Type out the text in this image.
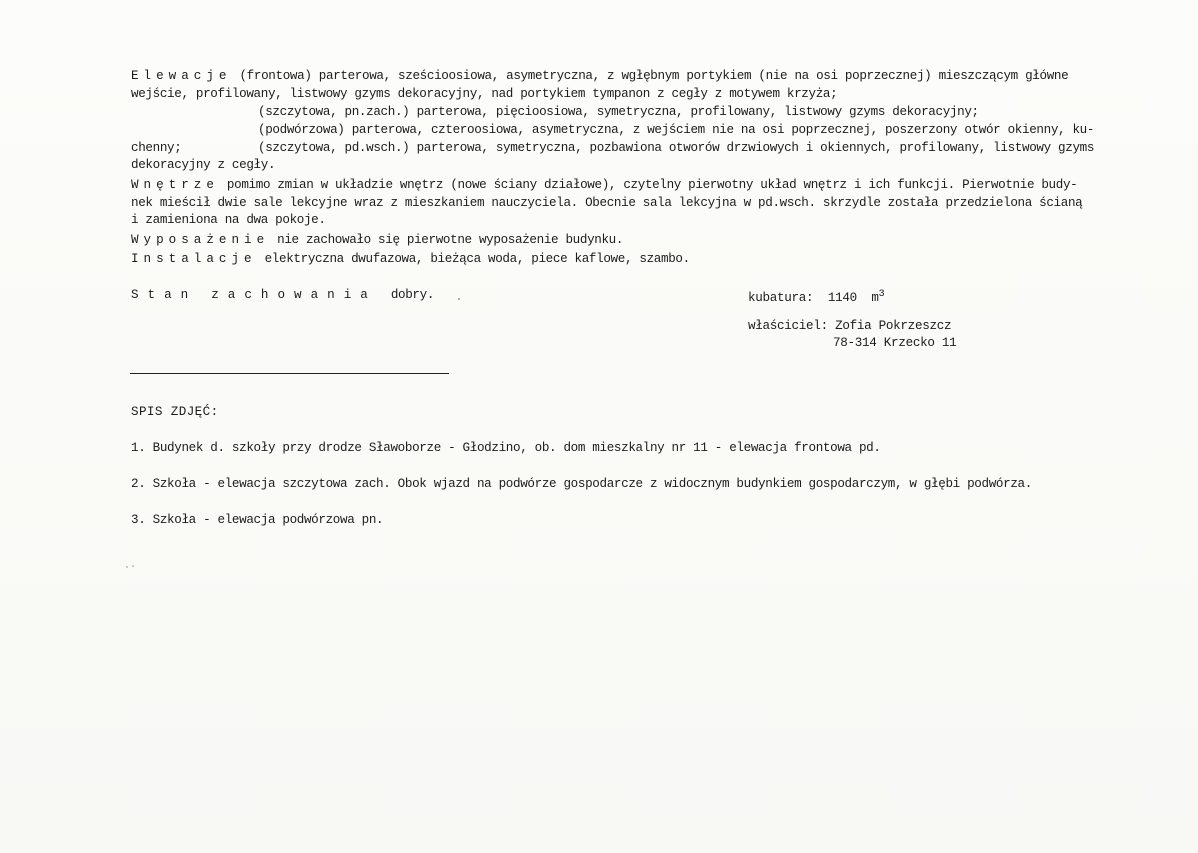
Elewacje (frontowa) parterowa, sześcioosiowa, asymetryczna, z wgłębnym portykiem (nie na osi poprzecznej) mieszczącym główne
wejście, profilowany, listwowy gzyms dekoracyjny, nad portykiem tympanon z cegły z motywem krzyża;
(szczytowa, pn.zach.) parterowa, pięcioosiowa, symetryczna, profilowany, listwowy gzyms dekoracyjny;
(podwórzowa) parterowa, czteroosiowa, asymetryczna, z wejściem nie na osi poprzecznej, poszerzony otwór okienny, ku-
chenny;	(szczytowa, pd.wsch.) parterowa, symetryczna, pozbawiona otworów drzwiowych i okiennych, profilowany, listwowy gzyms
dekoracyjny z cegły.
Wnętrze pomimo zmian w układzie wnętrz (nowe ściany działowe), czytelny pierwotny układ wnętrz i ich funkcji. Pierwotnie budy-
nek mieścił dwie sale lekcyjne wraz z mieszkaniem nauczyciela. Obecnie sala lekcyjna w pd.wsch. skrzydle została przedzielona ścianą
i zamieniona na dwa pokoje.
Wyposażenie nie zachowało się pierwotne wyposażenie budynku.
Instalacje elektryczna dwufazowa, bieżąca woda, piece kaflowe, szambo.
Stan zachowania dobry.	kubatura: 1140 $m^3$
właściciel: Zofia Pokrzeszcz
78-314 Krzecko 11
SPIS ZDJĘĆ:
1. Budynek d. szkoły przy drodze Sławoborze - Głodzino, ob. dom mieszkalny nr 11 - elewacja frontowa pd.
2. Szkoła - elewacja szczytowa zach. Obok wjazd na podwórze gospodarcze z widocznym budynkiem gospodarczym, w głębi podwórza.
3. Szkoła - elewacja podwórzowa pn.
